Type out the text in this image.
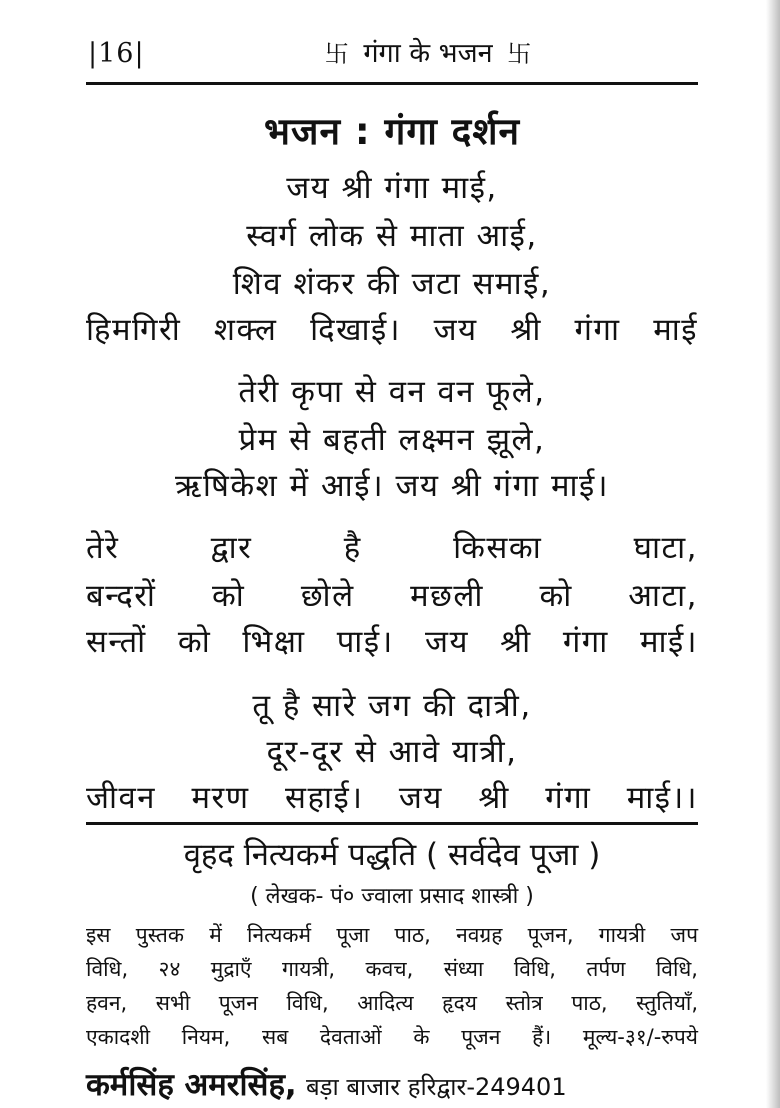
|16|	卐 गंगा के भजन 卐
भजन : गंगा दर्शन
जय श्री गंगा माई,
स्वर्ग लोक से माता आई,
शिव शंकर की जटा समाई,
हिमगिरी शक्ल दिखाई। जय श्री गंगा माई
तेरी कृपा से वन वन फूले,
प्रेम से बहती लक्ष्मन झूले,
ऋषिकेश में आई। जय श्री गंगा माई।
तेरे द्वार है किसका घाटा,
बन्दरों को छोले मछली को आटा,
सन्तों को भिक्षा पाई। जय श्री गंगा माई।
तू है सारे जग की दात्री,
दूर-दूर से आवे यात्री,
जीवन मरण सहाई। जय श्री गंगा माई।।
वृहद नित्यकर्म पद्धति ( सर्वदेव पूजा )
( लेखक- पं० ज्वाला प्रसाद शास्त्री )
इस पुस्तक में नित्यकर्म पूजा पाठ, नवग्रह पूजन, गायत्री जप
विधि, २४ मुद्राएँ गायत्री, कवच, संध्या विधि, तर्पण विधि,
हवन, सभी पूजन विधि, आदित्य हृदय स्तोत्र पाठ, स्तुतियाँ,
एकादशी नियम, सब देवताओं के पूजन हैं। मूल्य-३१/-रुपये
कर्मसिंह अमरसिंह, बड़ा बाजार हरिद्वार-249401
